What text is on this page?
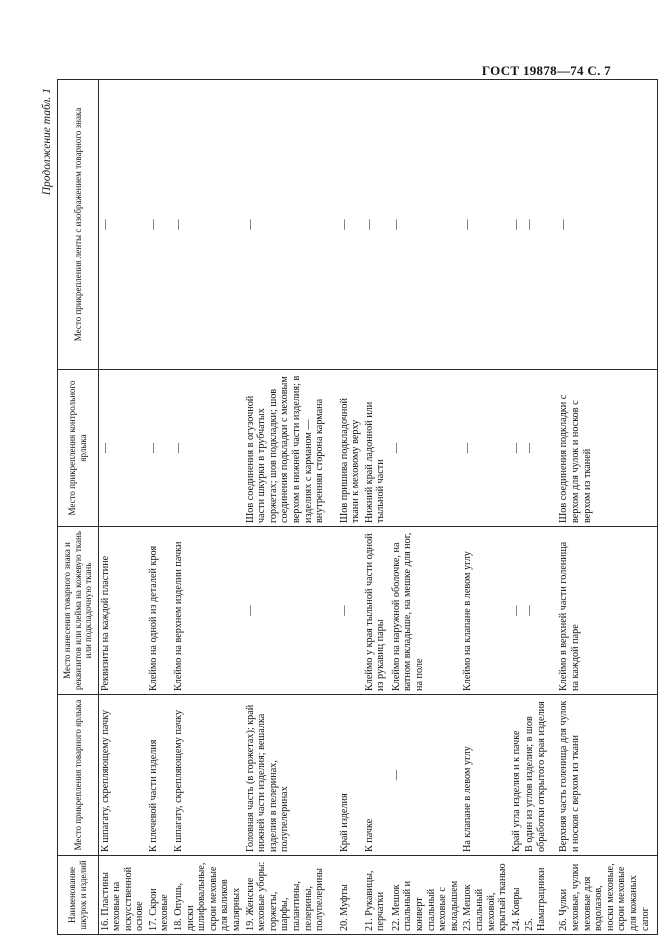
ГОСТ 19878—74 С. 7
Продолжение табл. 1
Наименование шкурок и изделий	Место прикрепления товарного ярлыка	Место нанесения товарного знака и реквизитов или клейма на кожевую ткань или подкладочную ткань	Место прикрепления контрольного ярлыка	Место прикрепления ленты с изображением товарного знака
16. Пластины меховые на искусственной основе	К шпагату, скрепляющему пачку	Реквизиты на каждой пластине	—	—
17. Скрои меховые	К плечевой части изделия	Клеймо на одной из деталей кроя	—	—
18. Опушь, диски шлифовальные, скрои меховые для валиков малярных	К шпагату, скрепляющему пачку	Клеймо на верхнем изделии пачки	—	—
19. Женские меховые уборы: горжеты, шарфы, палантины, пелерины, полупелерины	Головная часть (в горжетах); край нижней части изделия; вешалка изделия в пелеринах, полупелеринах	—	Шов соединения в огузочной части шкурки в трубчатых горжетах; шов подкладки; шов соединения подкладки с меховым верхом в нижней части изделия; в изделиях с карманом — внутренняя сторона кармана	—
20. Муфты	Край изделия	—	Шов пришива подкладочной ткани к меховому верху	—
21. Рукавицы, перчатки	К пачке	Клеймо у края тыльной части одной из рукавиц пары	Нижний край ладонной или тыльной части	—
22. Мешок спальный и конверт спальный меховые с вкладышем	—	Клеймо на наружной оболочке, на ватном вкладыше, на мешке для ног, на поле	—	—
23. Мешок спальный меховой, крытый тканью	На клапане в левом углу	Клеймо на клапане в левом углу	—	—
24. Ковры	Край угла изделия и к пачке	—	—	—
25. Наматрацники	В один из углов изделия; в шов обработки открытого края изделия	—	—	—
26. Чулки меховые, чулки меховые для водолазов, носки меховые, скрои меховые для кожаных сапог	Верхняя часть голенища для чулок и носков с верхом из ткани	Клеймо в верхней части голенища на каждой паре	Шов соединения подкладки с верхом для чулок и носков с верхом из тканей	—
